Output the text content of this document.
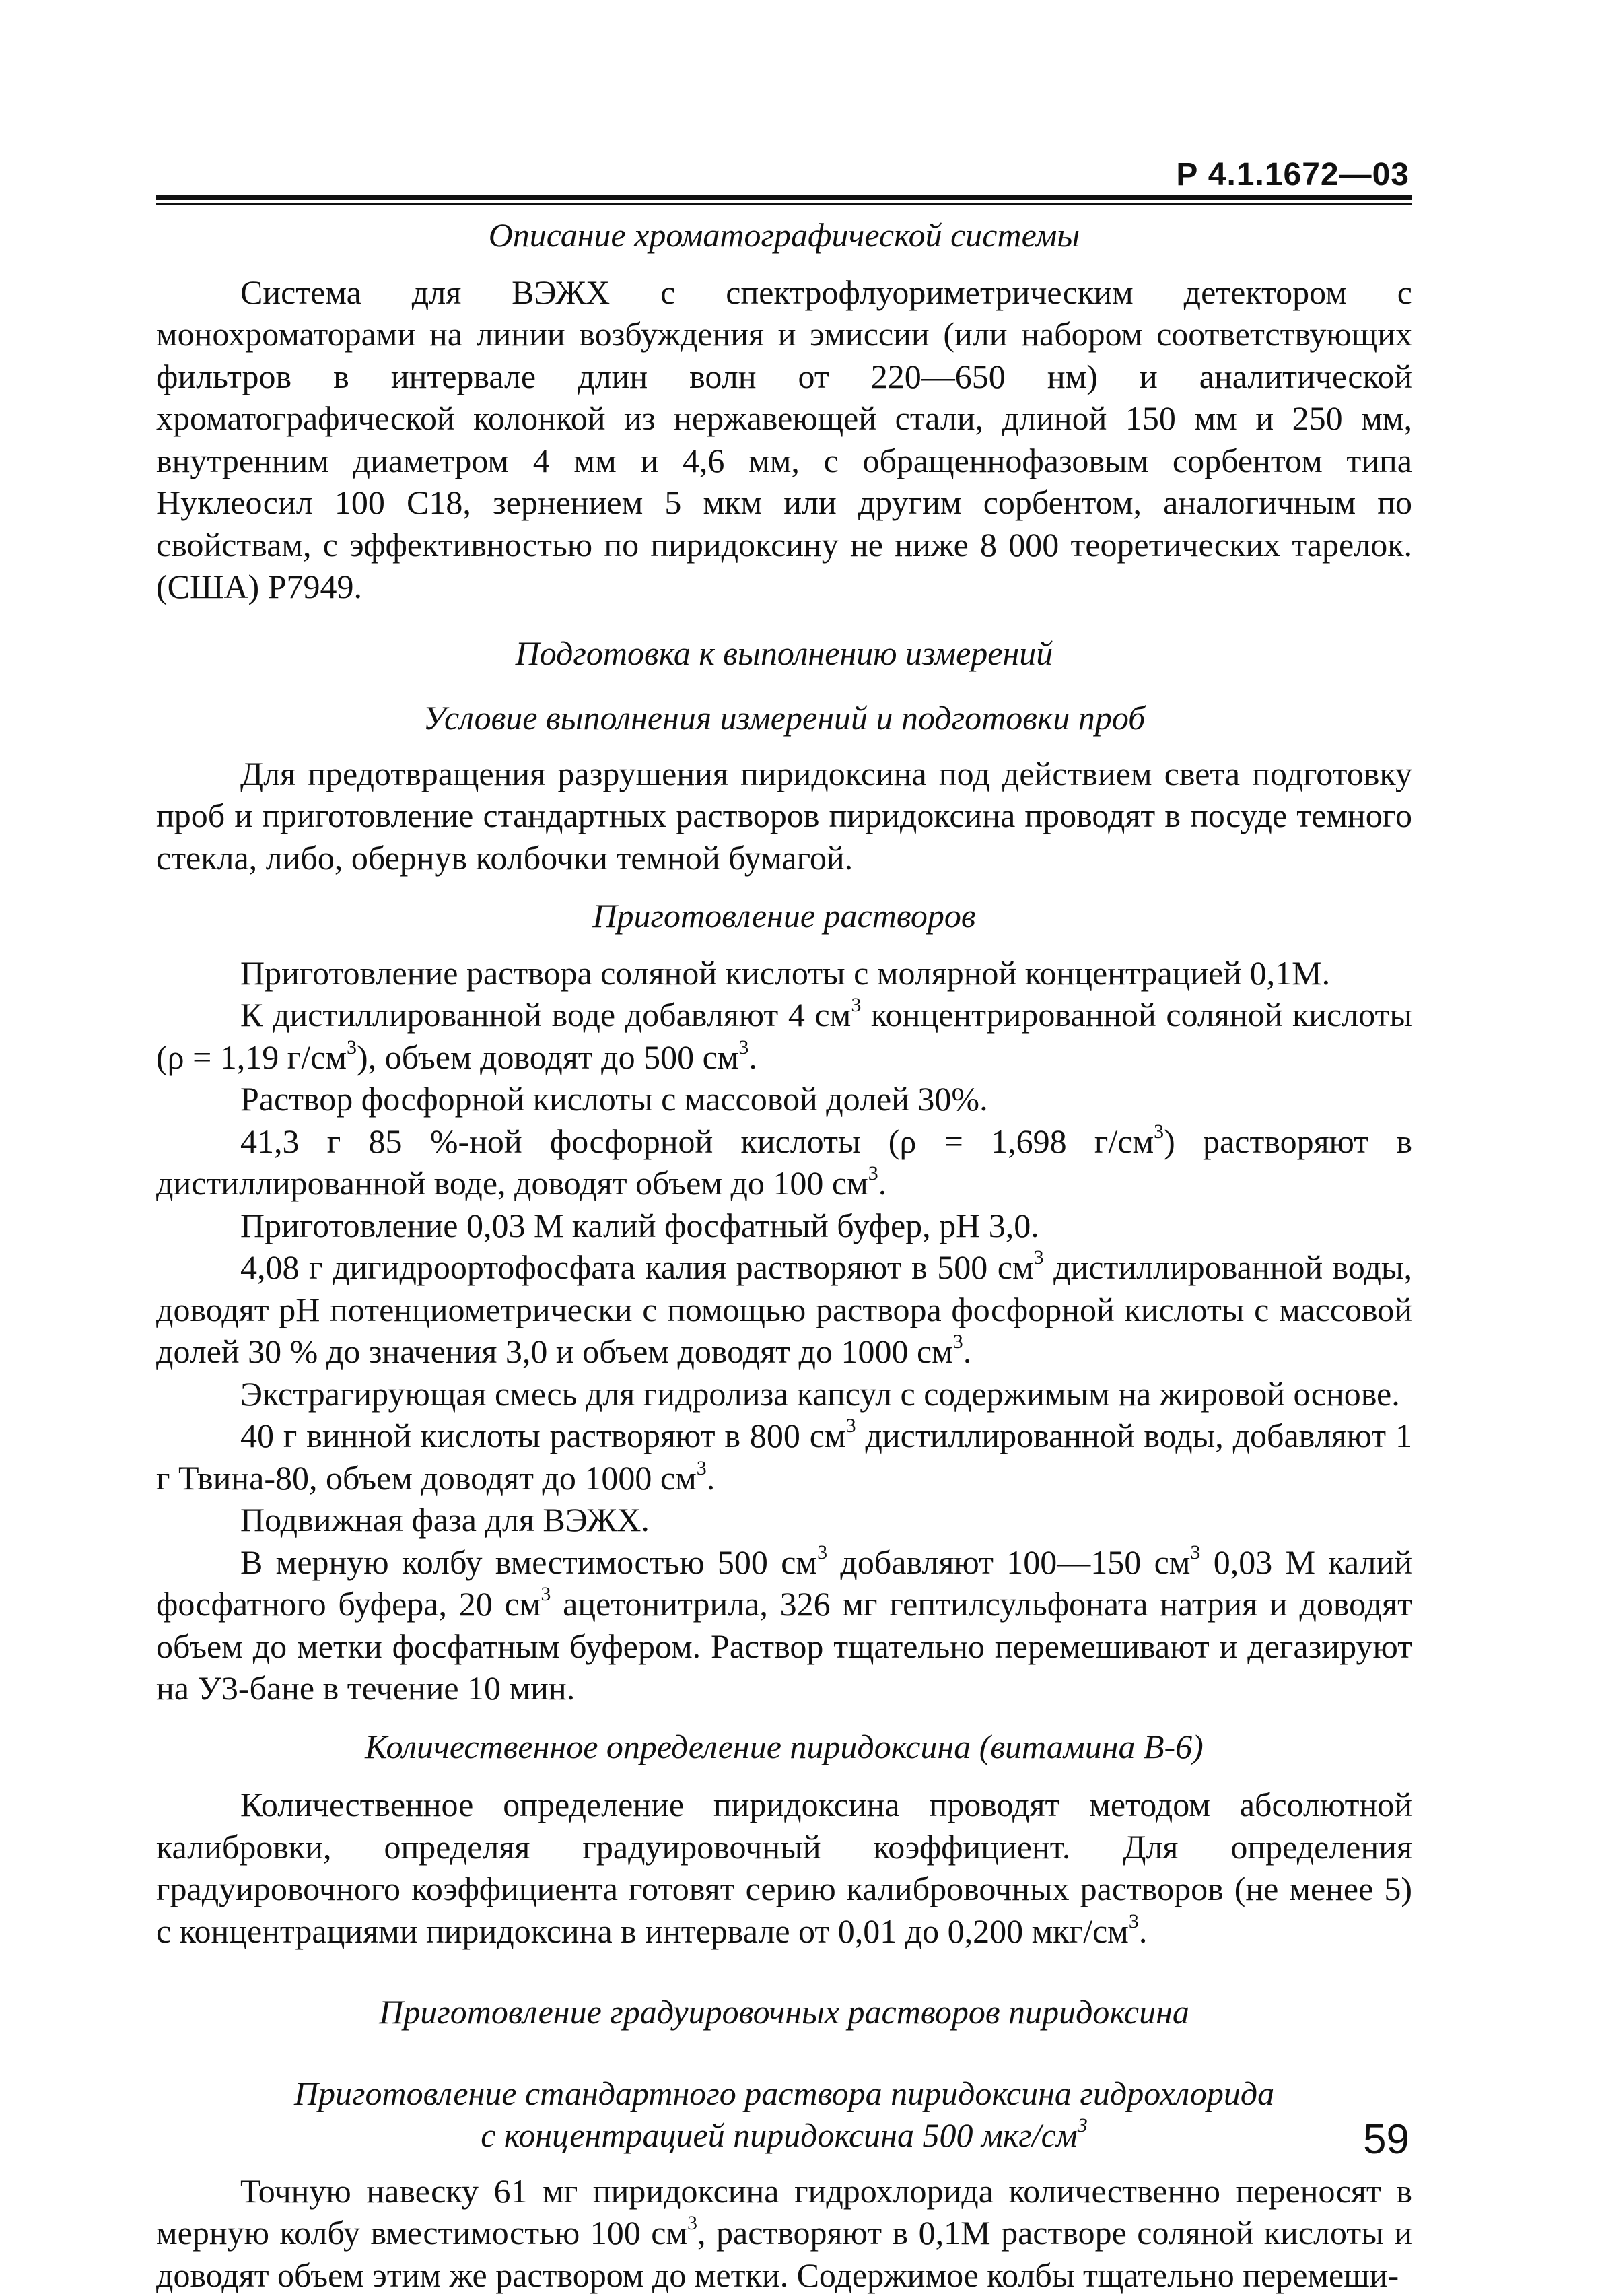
Р 4.1.1672—03

Описание хроматографической системы

Система для ВЭЖХ с спектрофлуориметрическим детектором с монохроматорами на линии возбуждения и эмиссии (или набором соответствующих фильтров в интервале длин волн от 220—650 нм) и аналитической хроматографической колонкой из нержавеющей стали, длиной 150 мм и 250 мм, внутренним диаметром 4 мм и 4,6 мм, с обращеннофазовым сорбентом типа Нуклеосил 100 С18, зернением 5 мкм или другим сорбентом, аналогичным по свойствам, с эффективностью по пиридоксину не ниже 8 000 теоретических тарелок. (США) Р7949.

Подготовка к выполнению измерений

Условие выполнения измерений и подготовки проб

Для предотвращения разрушения пиридоксина под действием света подготовку проб и приготовление стандартных растворов пиридоксина проводят в посуде темного стекла, либо, обернув колбочки темной бумагой.

Приготовление растворов

Приготовление раствора соляной кислоты с молярной концентрацией 0,1М.

К дистиллированной воде добавляют 4 $см^3$ концентрированной соляной кислоты (ρ = 1,19 $г/см^3$), объем доводят до 500 $см^3$.

Раствор фосфорной кислоты с массовой долей 30%.

41,3 г 85 %-ной фосфорной кислоты (ρ = 1,698 $г/см^3$) растворяют в дистиллированной воде, доводят объем до 100 $см^3$.

Приготовление 0,03 М калий фосфатный буфер, рН 3,0.

4,08 г дигидроортофосфата калия растворяют в 500 $см^3$ дистиллированной воды, доводят рН потенциометрически с помощью раствора фосфорной кислоты с массовой долей 30 % до значения 3,0 и объем доводят до 1000 $см^3$.

Экстрагирующая смесь для гидролиза капсул с содержимым на жировой основе.

40 г винной кислоты растворяют в 800 $см^3$ дистиллированной воды, добавляют 1 г Твина-80, объем доводят до 1000 $см^3$.

Подвижная фаза для ВЭЖХ.

В мерную колбу вместимостью 500 $см^3$ добавляют 100—150 $см^3$ 0,03 М калий фосфатного буфера, 20 $см^3$ ацетонитрила, 326 мг гептилсульфоната натрия и доводят объем до метки фосфатным буфером. Раствор тщательно перемешивают и дегазируют на У3-бане в течение 10 мин.

Количественное определение пиридоксина (витамина В-6)

Количественное определение пиридоксина проводят методом абсолютной калибровки, определяя градуировочный коэффициент. Для определения градуировочного коэффициента готовят серию калибровочных растворов (не менее 5) с концентрациями пиридоксина в интервале от 0,01 до 0,200 мкг/$см^3$.

Приготовление градуировочных растворов пиридоксина

Приготовление стандартного раствора пиридоксина гидрохлорида

с концентрацией пиридоксина 500 мкг/$см^3$

Точную навеску 61 мг пиридоксина гидрохлорида количественно переносят в мерную колбу вместимостью 100 $см^3$, растворяют в 0,1М растворе соляной кислоты и доводят объем этим же раствором до метки. Содержимое колбы тщательно перемеши-

59
